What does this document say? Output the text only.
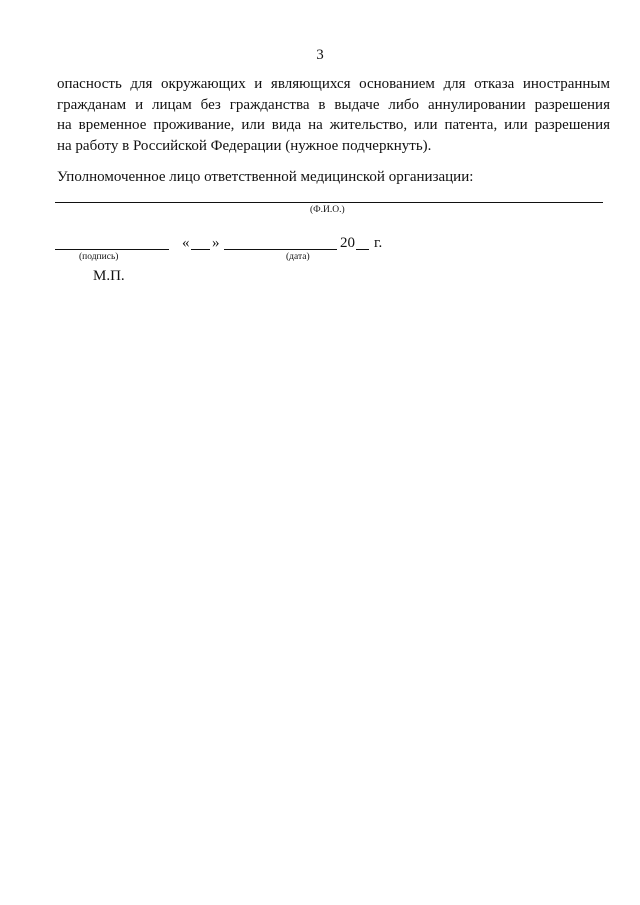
3

опасность для окружающих и являющихся основанием для отказа иностранным
гражданам и лицам без гражданства в выдаче либо аннулировании разрешения
на временное проживание, или вида на жительство, или патента, или разрешения
на работу в Российской Федерации (нужное подчеркнуть).

Уполномоченное лицо ответственной медицинской организации:
(Ф.И.О.)
(подпись)
« »
(дата)
20 г.
М.П.
